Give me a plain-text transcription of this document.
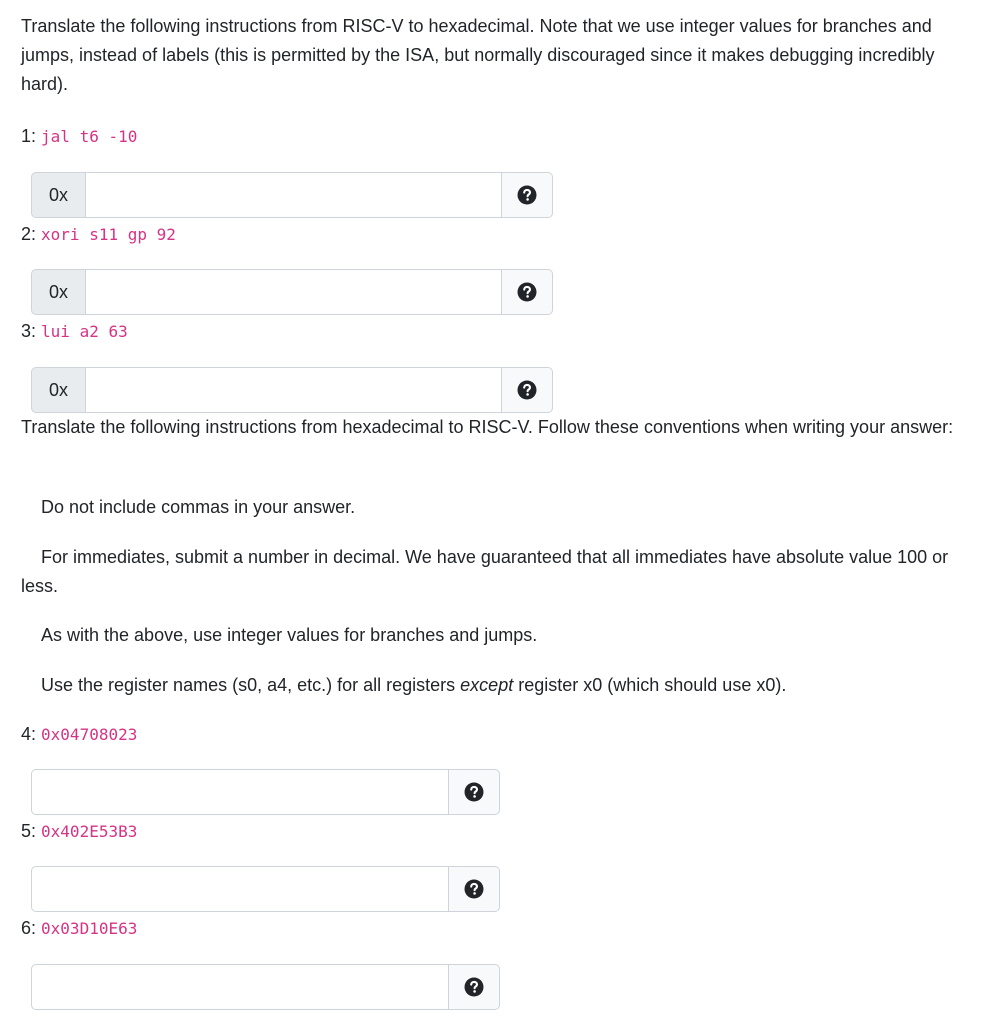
Translate the following instructions from RISC-V to hexadecimal. Note that we use integer values for branches and jumps, instead of labels (this is permitted by the ISA, but normally discouraged since it makes debugging incredibly hard).

1: jal t6 -10

0x

2: xori s11 gp 92

0x

3: lui a2 63

0x

Translate the following instructions from hexadecimal to RISC-V. Follow these conventions when writing your answer:

Do not include commas in your answer.

For immediates, submit a number in decimal. We have guaranteed that all immediates have absolute value 100 or less.

As with the above, use integer values for branches and jumps.

Use the register names (s0, a4, etc.) for all registers except register x0 (which should use x0).

4: 0x04708023

5: 0x402E53B3

6: 0x03D10E63
